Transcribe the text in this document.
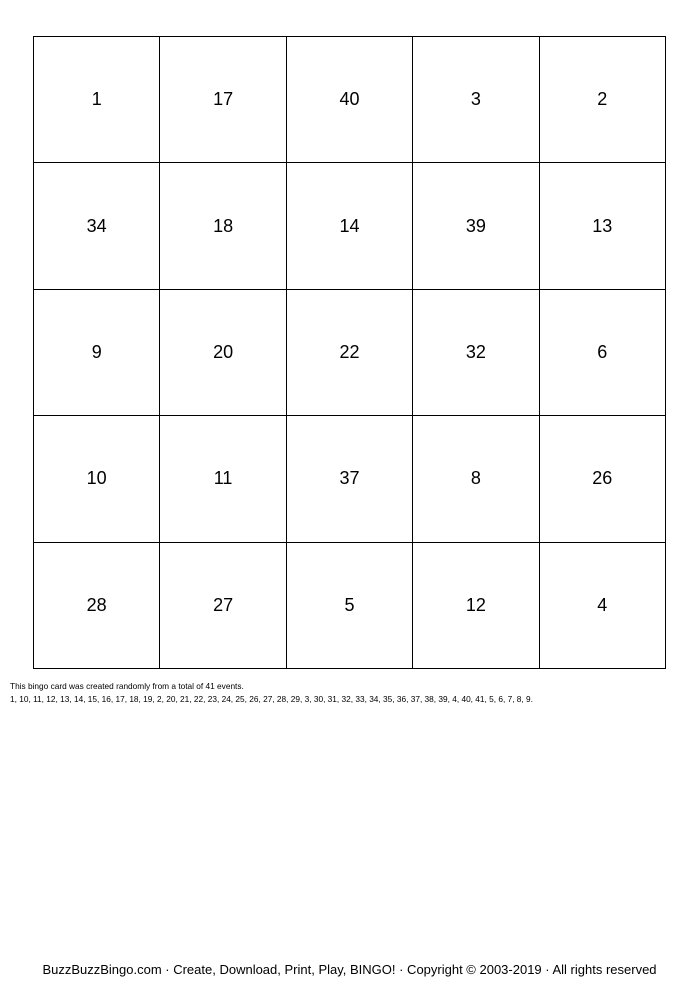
1	17	40	3	2
34	18	14	39	13
9	20	22	32	6
10	11	37	8	26
28	27	5	12	4
This bingo card was created randomly from a total of 41 events.
1, 10, 11, 12, 13, 14, 15, 16, 17, 18, 19, 2, 20, 21, 22, 23, 24, 25, 26, 27, 28, 29, 3, 30, 31, 32, 33, 34, 35, 36, 37, 38, 39, 4, 40, 41, 5, 6, 7, 8, 9.
BuzzBuzzBingo.com · Create, Download, Print, Play, BINGO! · Copyright © 2003-2019 · All rights reserved
